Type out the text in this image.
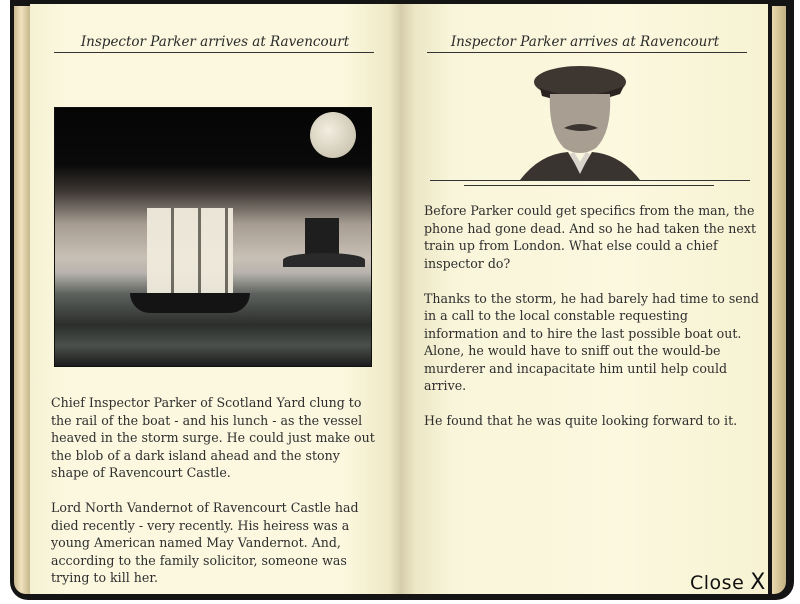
Inspector Parker arrives at Ravencourt

Chief Inspector Parker of Scotland Yard clung to the rail of the boat - and his lunch - as the vessel heaved in the storm surge. He could just make out the blob of a dark island ahead and the stony shape of Ravencourt Castle.

Lord North Vandernot of Ravencourt Castle had died recently - very recently. His heiress was a young American named May Vandernot. And, according to the family solicitor, someone was trying to kill her.

Inspector Parker arrives at Ravencourt

Before Parker could get specifics from the man, the phone had gone dead. And so he had taken the next train up from London. What else could a chief inspector do?

Thanks to the storm, he had barely had time to send in a call to the local constable requesting information and to hire the last possible boat out. Alone, he would have to sniff out the would-be murderer and incapacitate him until help could arrive.

He found that he was quite looking forward to it.

Close X
